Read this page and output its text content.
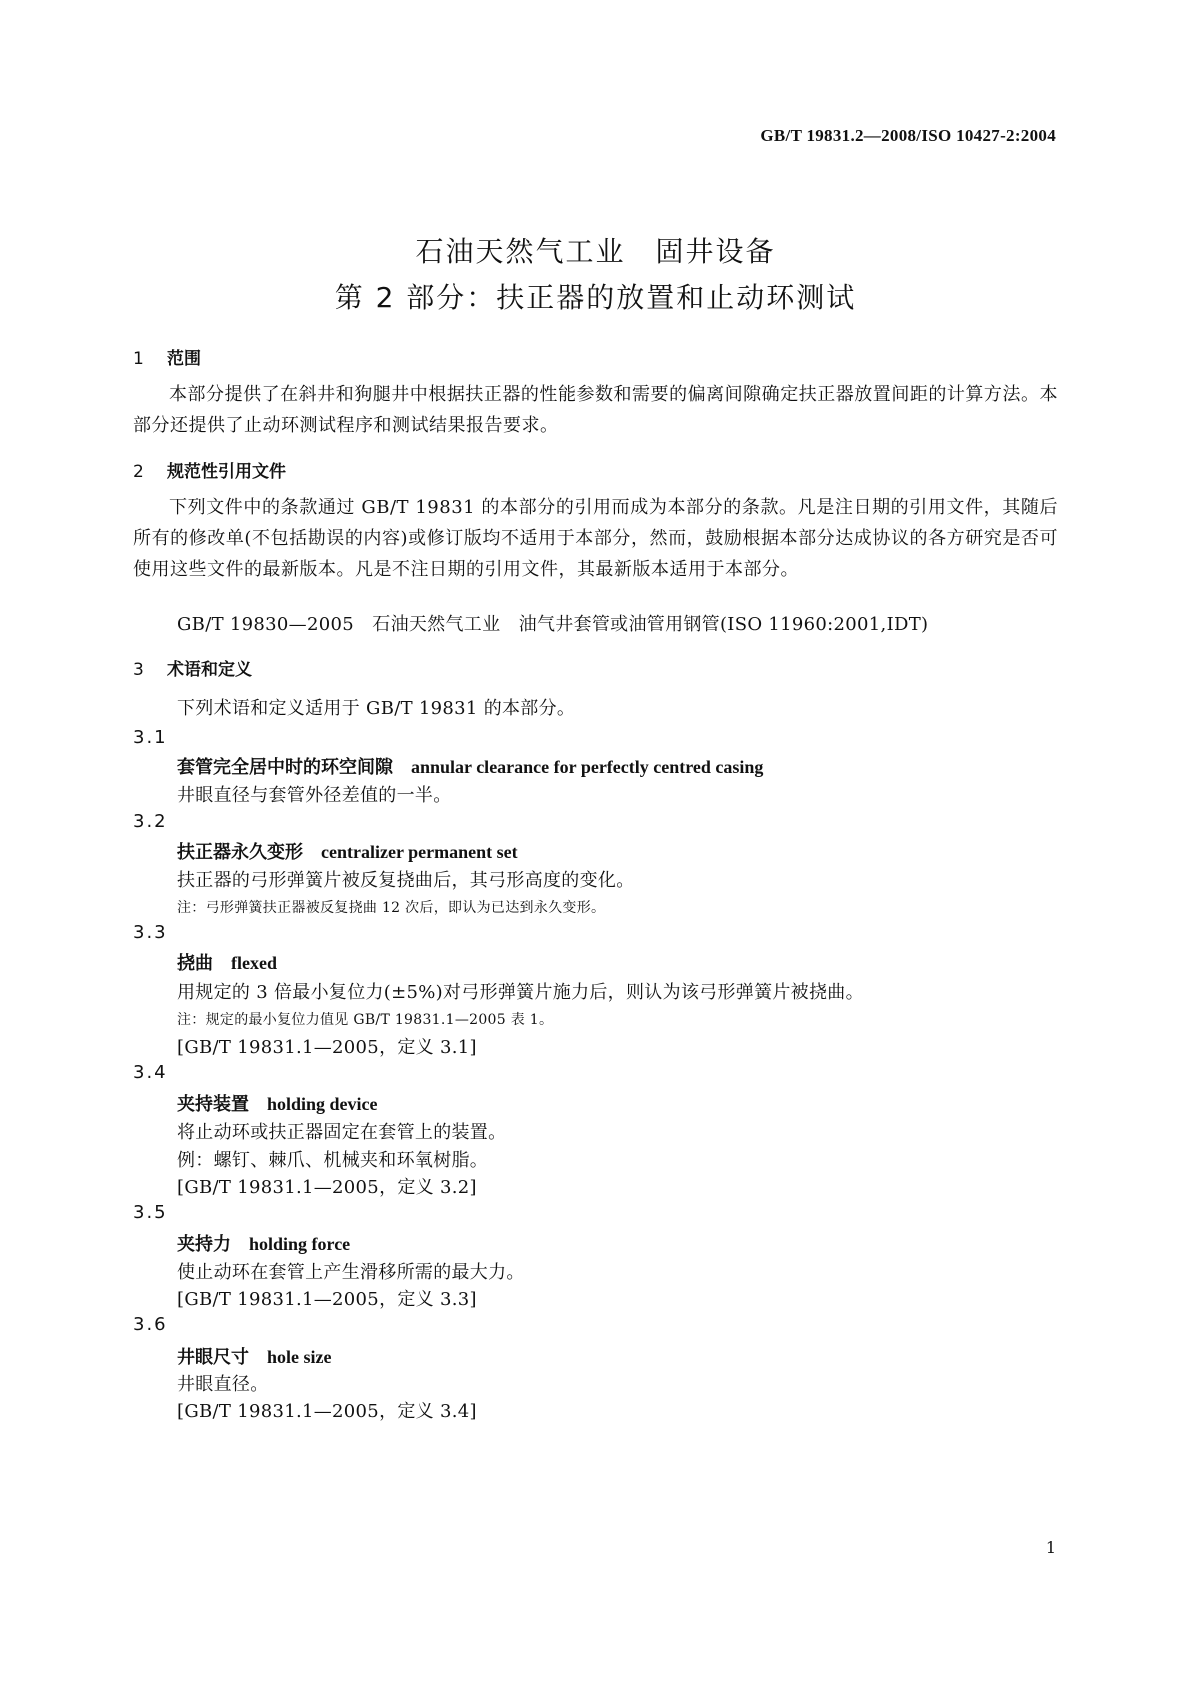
GB/T 19831.2—2008/ISO 10427-2:2004
石油天然气工业　固井设备
第 2 部分：扶正器的放置和止动环测试
1 范围
本部分提供了在斜井和狗腿井中根据扶正器的性能参数和需要的偏离间隙确定扶正器放置间距的计算方法。本部分还提供了止动环测试程序和测试结果报告要求。
2 规范性引用文件
下列文件中的条款通过 GB/T 19831 的本部分的引用而成为本部分的条款。凡是注日期的引用文件，其随后所有的修改单(不包括勘误的内容)或修订版均不适用于本部分，然而，鼓励根据本部分达成协议的各方研究是否可使用这些文件的最新版本。凡是不注日期的引用文件，其最新版本适用于本部分。
GB/T 19830—2005　石油天然气工业　油气井套管或油管用钢管(ISO 11960:2001,IDT)
3 术语和定义
下列术语和定义适用于 GB/T 19831 的本部分。
3.1
套管完全居中时的环空间隙 annular clearance for perfectly centred casing
井眼直径与套管外径差值的一半。
3.2
扶正器永久变形 centralizer permanent set
扶正器的弓形弹簧片被反复挠曲后，其弓形高度的变化。
注：弓形弹簧扶正器被反复挠曲 12 次后，即认为已达到永久变形。
3.3
挠曲 flexed
用规定的 3 倍最小复位力(±5%)对弓形弹簧片施力后，则认为该弓形弹簧片被挠曲。
注：规定的最小复位力值见 GB/T 19831.1—2005 表 1。
[GB/T 19831.1—2005，定义 3.1]
3.4
夹持装置 holding device
将止动环或扶正器固定在套管上的装置。
例：螺钉、棘爪、机械夹和环氧树脂。
[GB/T 19831.1—2005，定义 3.2]
3.5
夹持力 holding force
使止动环在套管上产生滑移所需的最大力。
[GB/T 19831.1—2005，定义 3.3]
3.6
井眼尺寸 hole size
井眼直径。
[GB/T 19831.1—2005，定义 3.4]
1
